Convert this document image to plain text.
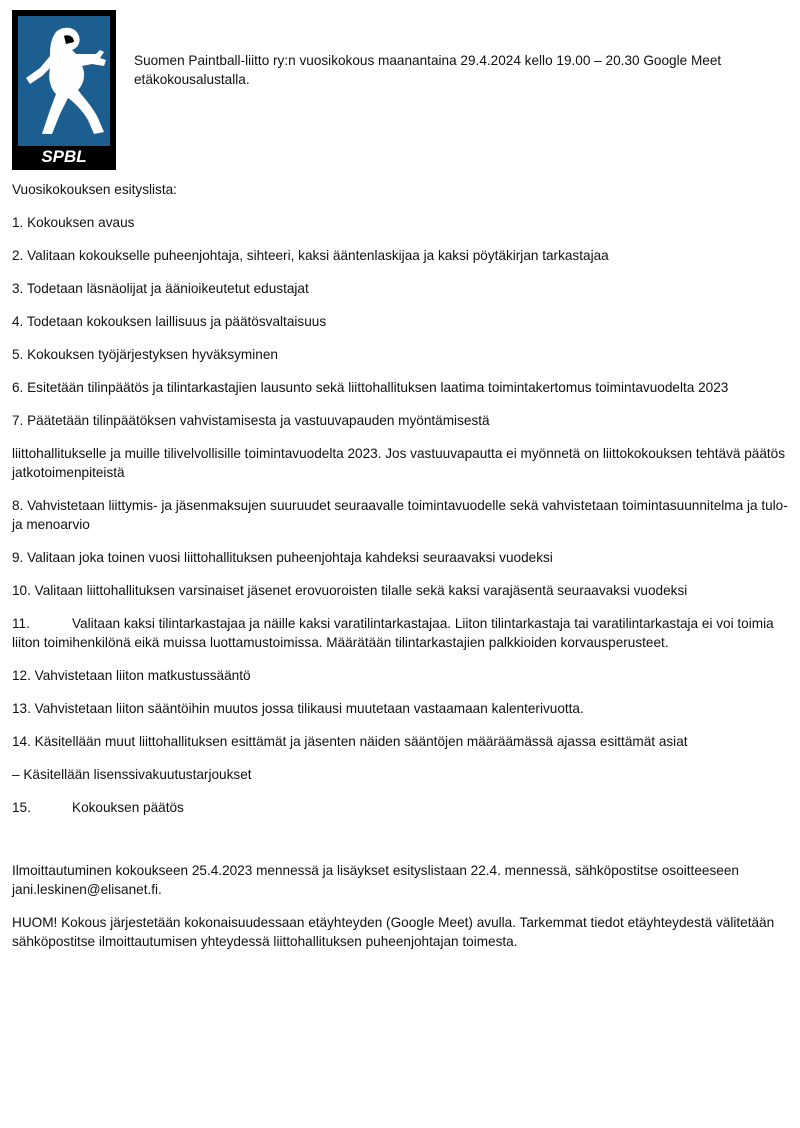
SPBL
Suomen Paintball-liitto ry:n vuosikokous maanantaina 29.4.2024 kello 19.00 – 20.30 Google Meet etäkokousalustalla.

Vuosikokouksen esityslista:

1. Kokouksen avaus

2. Valitaan kokoukselle puheenjohtaja, sihteeri, kaksi ääntenlaskijaa ja kaksi pöytäkirjan tarkastajaa

3. Todetaan läsnäolijat ja äänioikeutetut edustajat

4. Todetaan kokouksen laillisuus ja päätösvaltaisuus

5. Kokouksen työjärjestyksen hyväksyminen

6. Esitetään tilinpäätös ja tilintarkastajien lausunto sekä liittohallituksen laatima toimintakertomus toimintavuodelta 2023

7. Päätetään tilinpäätöksen vahvistamisesta ja vastuuvapauden myöntämisestä

liittohallitukselle ja muille tilivelvollisille toimintavuodelta 2023. Jos vastuuvapautta ei myönnetä on liittokokouksen tehtävä päätös jatkotoimenpiteistä

8. Vahvistetaan liittymis- ja jäsenmaksujen suuruudet seuraavalle toimintavuodelle sekä vahvistetaan toimintasuunnitelma ja tulo- ja menoarvio

9. Valitaan joka toinen vuosi liittohallituksen puheenjohtaja kahdeksi seuraavaksi vuodeksi

10. Valitaan liittohallituksen varsinaiset jäsenet erovuoroisten tilalle sekä kaksi varajäsentä seuraavaksi vuodeksi

11.	Valitaan kaksi tilintarkastajaa ja näille kaksi varatilintarkastajaa. Liiton tilintarkastaja tai varatilintarkastaja ei voi toimia liiton toimihenkilönä eikä muissa luottamustoimissa. Määrätään tilintarkastajien palkkioiden korvausperusteet.

12. Vahvistetaan liiton matkustussääntö

13. Vahvistetaan liiton sääntöihin muutos jossa tilikausi muutetaan vastaamaan kalenterivuotta.

14. Käsitellään muut liittohallituksen esittämät ja jäsenten näiden sääntöjen määräämässä ajassa esittämät asiat

– Käsitellään lisenssivakuutustarjoukset

15.	Kokouksen päätös

Ilmoittautuminen kokoukseen 25.4.2023 mennessä ja lisäykset esityslistaan 22.4. mennessä, sähköpostitse osoitteeseen jani.leskinen@elisanet.fi.

HUOM! Kokous järjestetään kokonaisuudessaan etäyhteyden (Google Meet) avulla. Tarkemmat tiedot etäyhteydestä välitetään sähköpostitse ilmoittautumisen yhteydessä liittohallituksen puheenjohtajan toimesta.
